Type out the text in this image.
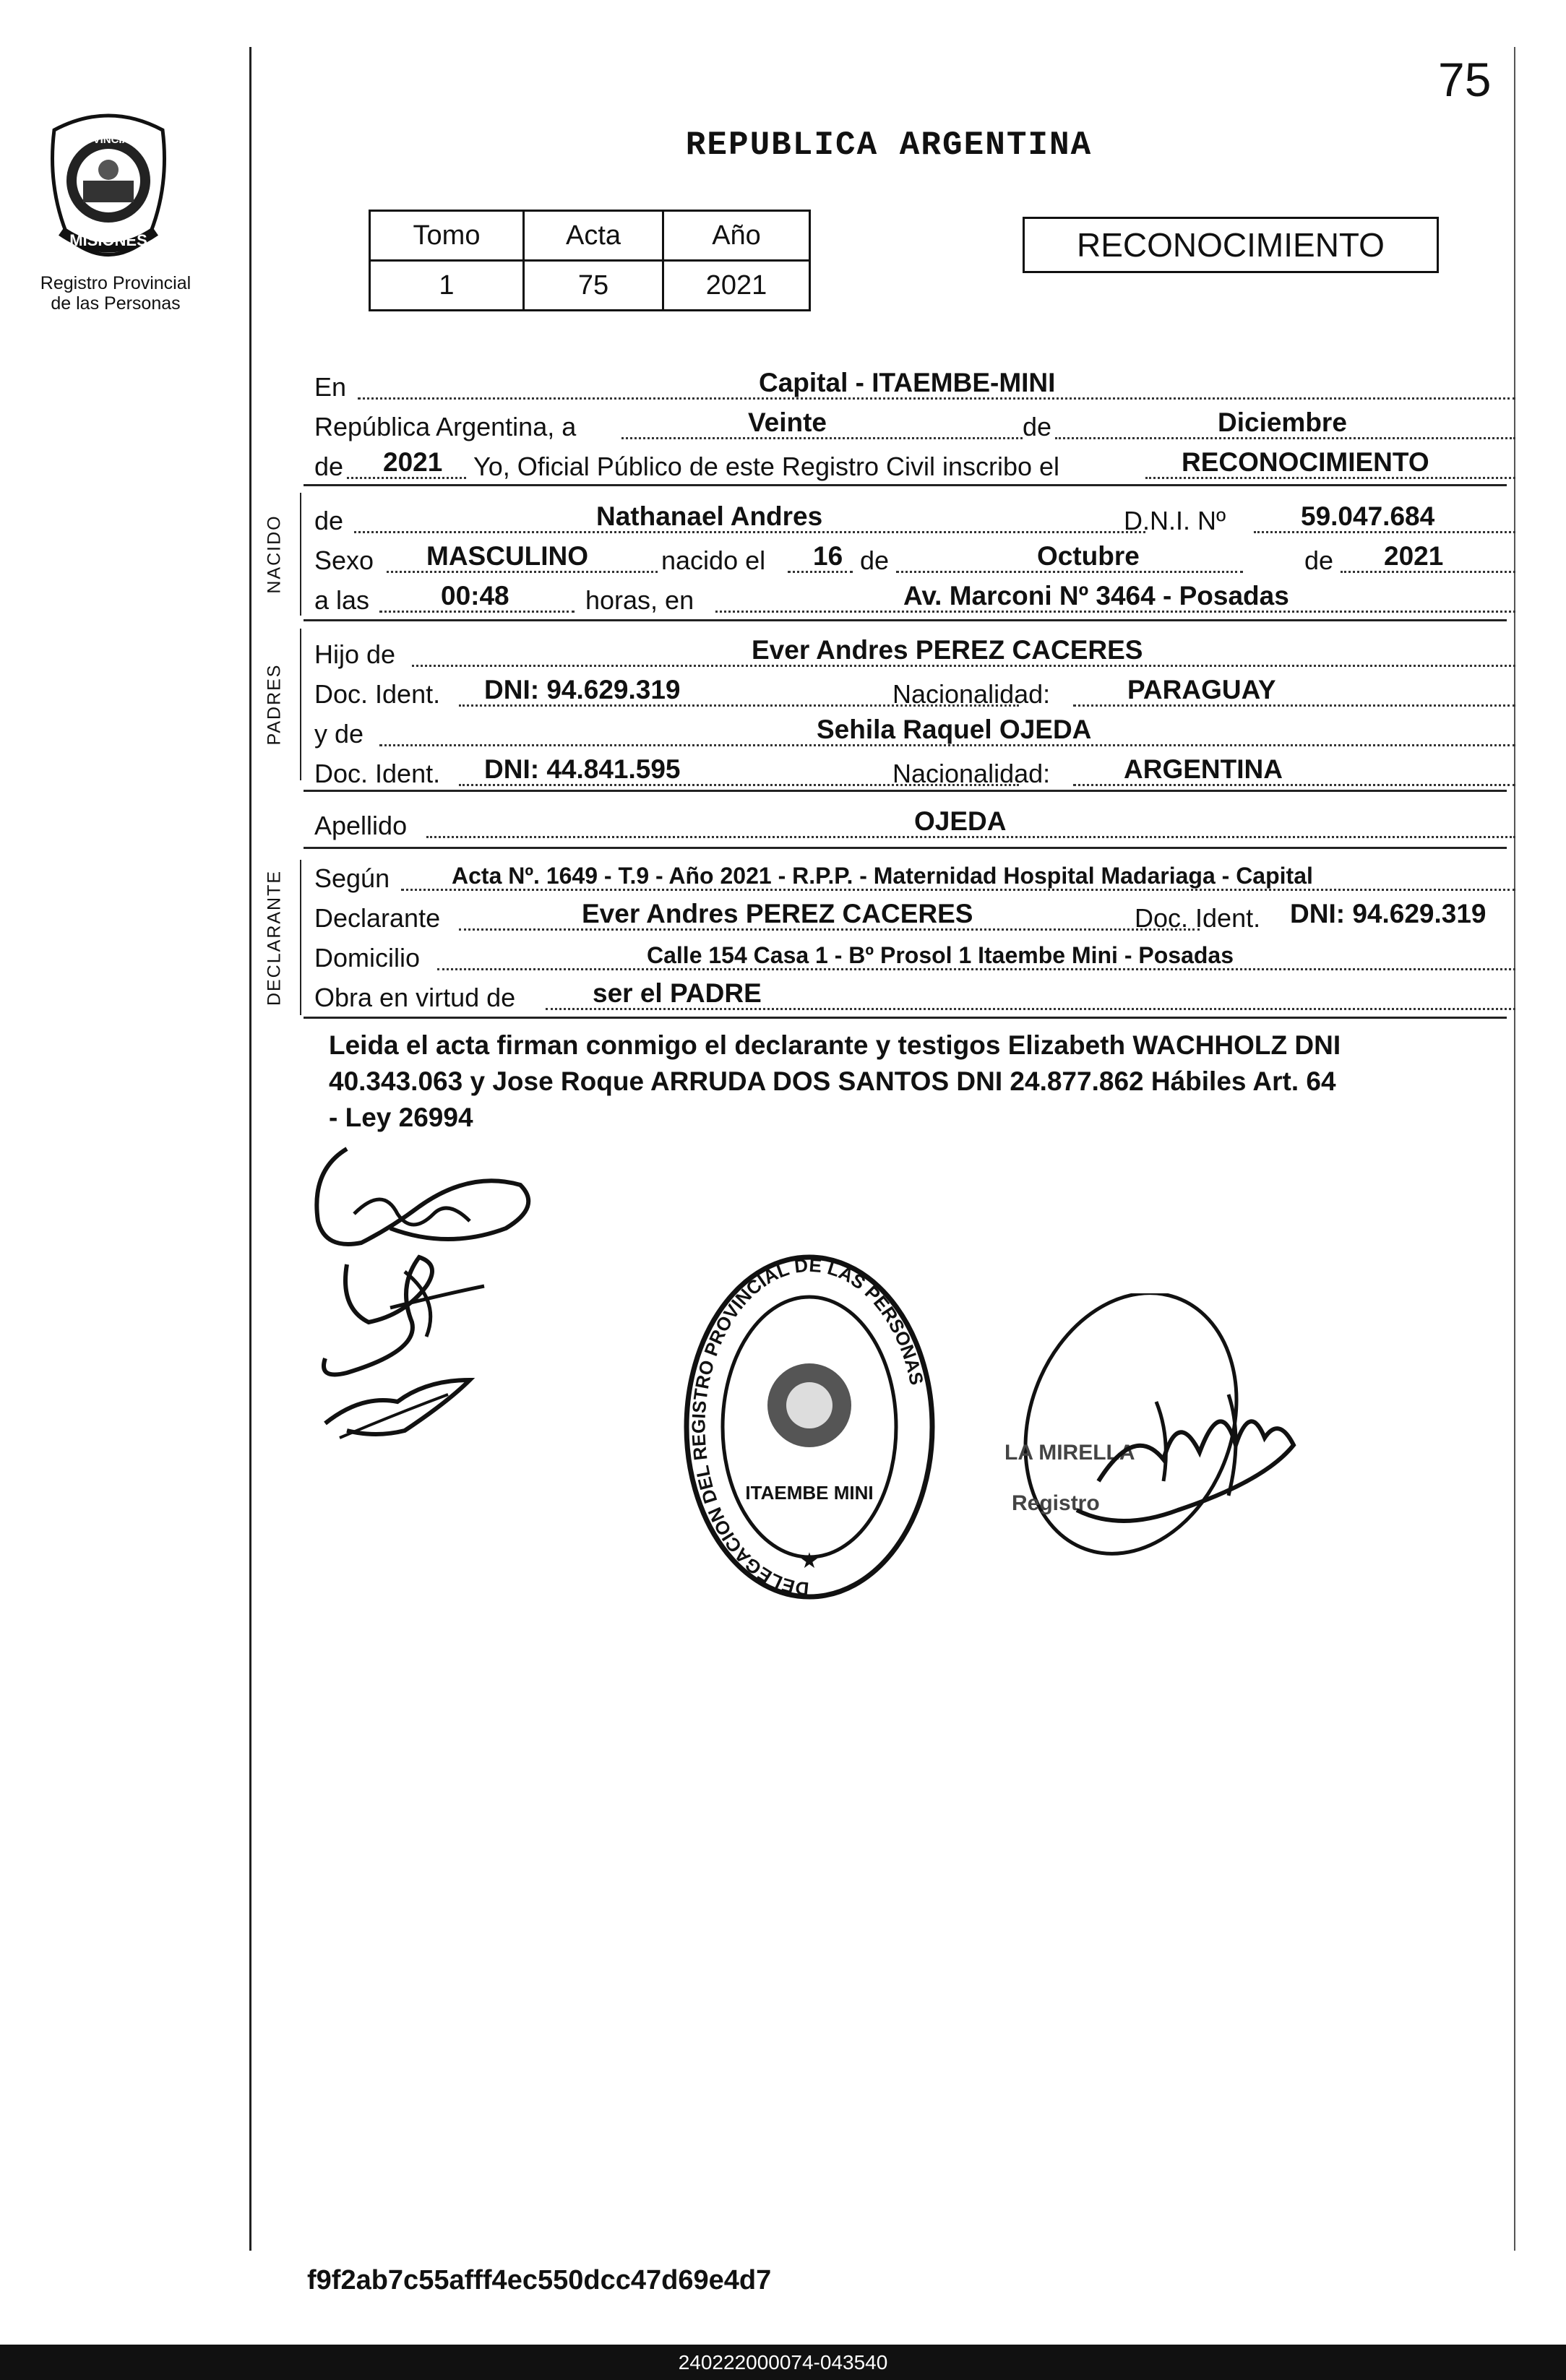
MISIONES
PROVINCIA DE
Registro Provincial
de las Personas
75
REPUBLICA ARGENTINA
Tomo	Acta	Año
1	75	2021
RECONOCIMIENTO
En	Capital - ITAEMBE-MINI
República Argentina, a	Veinte	de	Diciembre
de 2021 Yo, Oficial Público de este Registro Civil inscribo el	RECONOCIMIENTO
NACIDO de	Nathanael Andres	D.N.I. Nº	59.047.684
Sexo MASCULINO	nacido el 16 de	Octubre	de 2021
a las	00:48	horas, en	Av. Marconi Nº 3464 - Posadas
PADRES
Hijo de	Ever Andres PEREZ CACERES
Doc. Ident. DNI: 94.629.319	Nacionalidad:	PARAGUAY
y de	Sehila Raquel OJEDA
Doc. Ident. DNI: 44.841.595	Nacionalidad:	ARGENTINA
Apellido	OJEDA
DECLARANTE Según	Acta Nº. 1649 - T.9 - Año 2021 - R.P.P. - Maternidad Hospital Madariaga - Capital
Declarante	Ever Andres PEREZ CACERES	Doc. Ident. DNI: 94.629.319
Domicilio	Calle 154 Casa 1 - Bº Prosol 1 Itaembe Mini - Posadas
Obra en virtud de	ser el PADRE
Leida el acta firman conmigo el declarante y testigos Elizabeth WACHHOLZ DNI
40.343.063 y Jose Roque ARRUDA DOS SANTOS DNI 24.877.862 Hábiles Art. 64
- Ley 26994
DELEGACION DEL REGISTRO PROVINCIAL DE LAS PERSONAS
ITAEMBE MINI
★
LA MIRELLA
Registro
f9f2ab7c55afff4ec550dcc47d69e4d7
240222000074-043540
